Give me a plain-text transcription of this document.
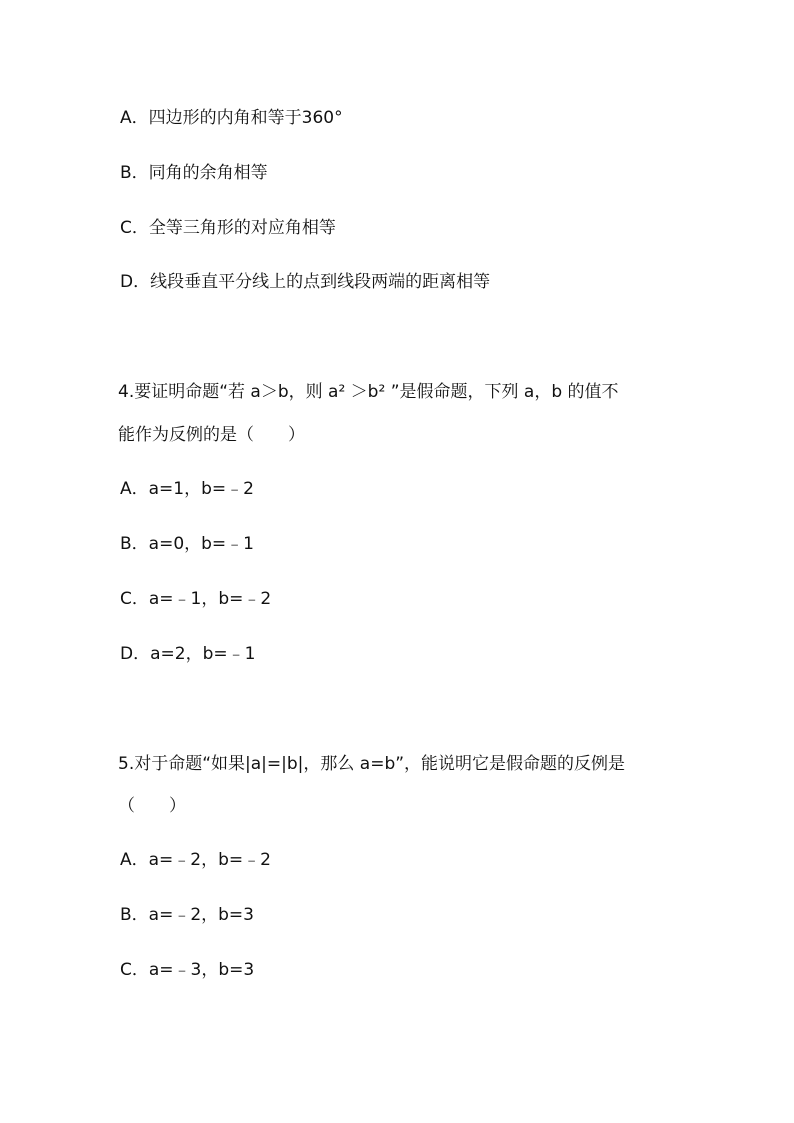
A．四边形的内角和等于360°
B．同角的余角相等
C．全等三角形的对应角相等
D．线段垂直平分线上的点到线段两端的距离相等
4.要证明命题“若 a＞b，则 a² ＞b² ”是假命题，下列 a，b 的值不
能作为反例的是（　　）
A．a=1，b=﹣2
B．a=0，b=﹣1
C．a=﹣1，b=﹣2
D．a=2，b=﹣1
5.对于命题“如果|a|=|b|，那么 a=b”，能说明它是假命题的反例是
（　　）
A．a=﹣2，b=﹣2
B．a=﹣2，b=3
C．a=﹣3，b=3
